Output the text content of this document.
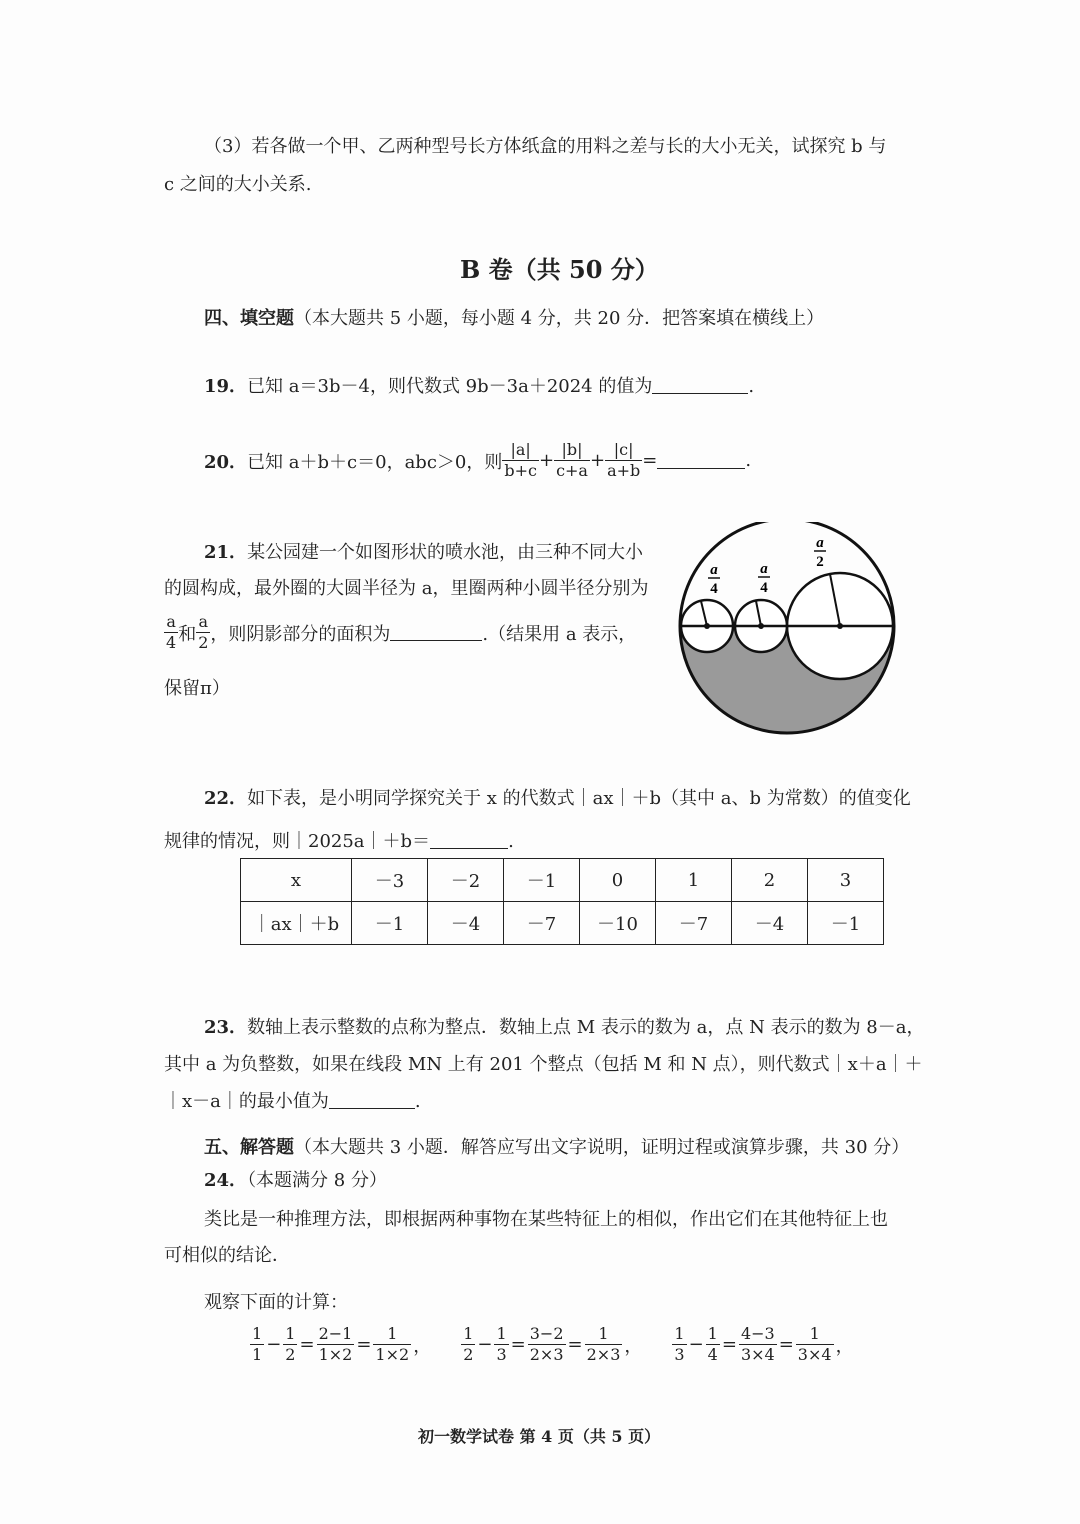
（3）若各做一个甲、乙两种型号长方体纸盒的用料之差与长的大小无关，试探究 b 与
c 之间的大小关系.
B 卷（共 50 分）
四、填空题（本大题共 5 小题，每小题 4 分，共 20 分．把答案填在横线上）
19．已知 a＝3b－4，则代数式 9b－3a＋2024 的值为	.
20． 已知 a＋b＋c＝0，abc＞0，则 $\frac{|a|}{b+c} + \frac{|b|}{c+a} + \frac{|c|}{a+b}$ =	.
21．某公园建一个如图形状的喷水池，由三种不同大小
的圆构成，最外圈的大圆半径为 a，里圈两种小圆半径分别为
$\frac{a}{4}$ 和 $\frac{a}{2}$ ，则阴影部分的面积为	.（结果用 a 表示，
保留π）
a
4
a
4
a
2
22．如下表，是小明同学探究关于 x 的代数式｜ax｜＋b（其中 a、b 为常数）的值变化
规律的情况，则｜2025a｜＋b＝	.
x	－3	－2	－1	0	1	2	3
｜ax｜＋b	－1	－4	－7	－10	－7	－4	－1
23．数轴上表示整数的点称为整点．数轴上点 M 表示的数为 a，点 N 表示的数为 8－a，
其中 a 为负整数，如果在线段 MN 上有 201 个整点（包括 M 和 N 点），则代数式｜x＋a｜＋
｜x－a｜的最小值为	.
五、解答题（本大题共 3 小题．解答应写出文字说明，证明过程或演算步骤，共 30 分）
24．（本题满分 8 分）
类比是一种推理方法，即根据两种事物在某些特征上的相似，作出它们在其他特征上也
可相似的结论．
观察下面的计算：
$\frac{1}{1} - \frac{1}{2} = \frac{2-1}{1\times 2} = \frac{1}{1\times 2}$ ， $\frac{1}{2} - \frac{1}{3} = \frac{3-2}{2\times 3} = \frac{1}{2\times 3}$ ， $\frac{1}{3} - \frac{1}{4} = \frac{4-3}{3\times 4} = \frac{1}{3\times 4}$ ，
初一数学试卷 第 4 页（共 5 页）
